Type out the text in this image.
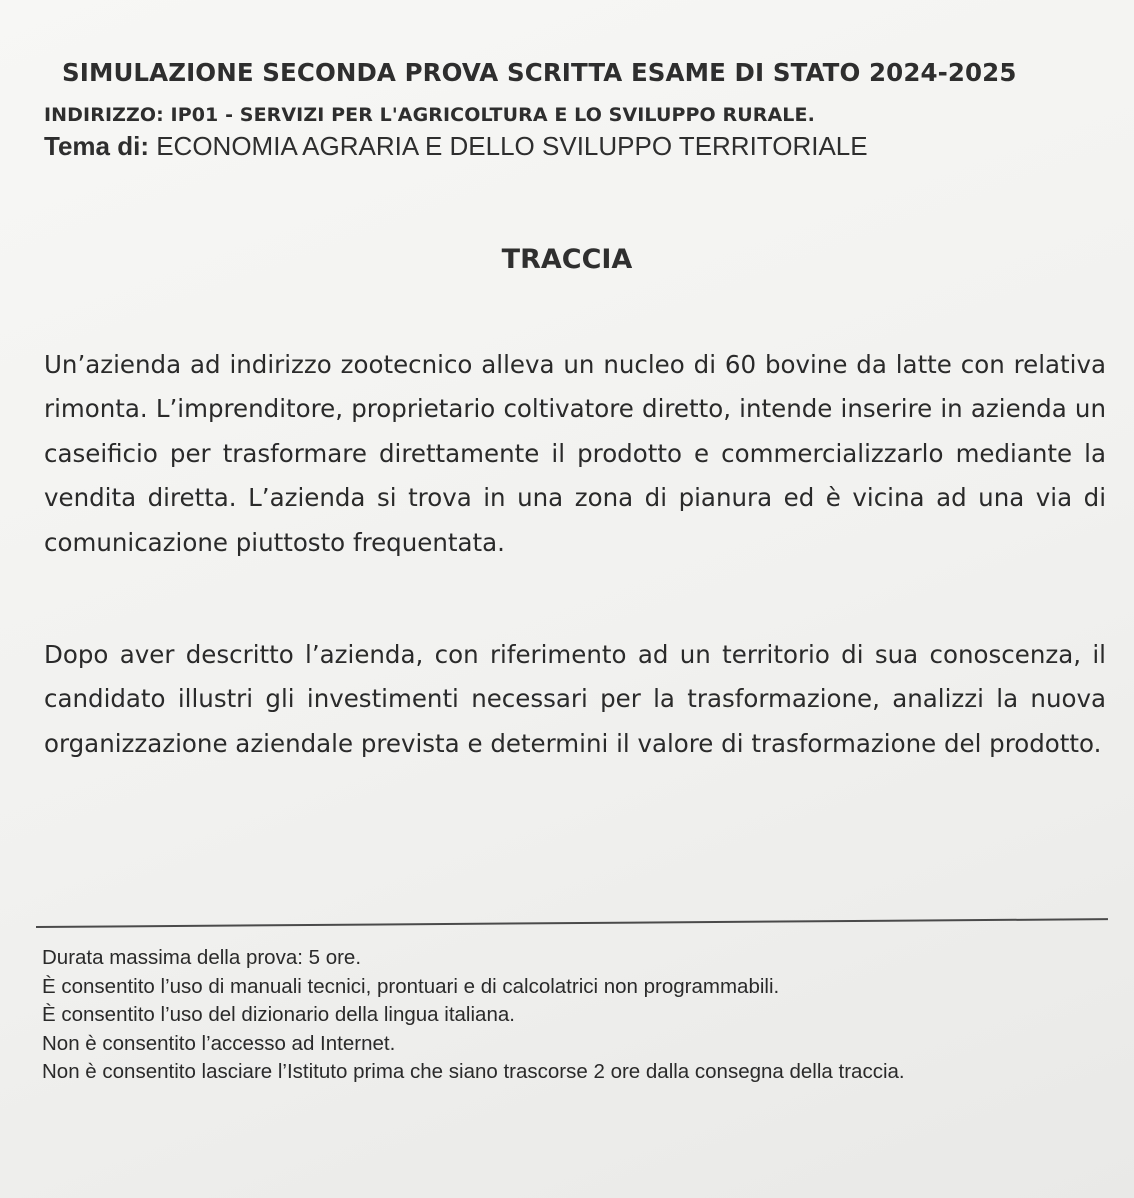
SIMULAZIONE SECONDA PROVA SCRITTA ESAME DI STATO 2024-2025
INDIRIZZO: IP01 - SERVIZI PER L'AGRICOLTURA E LO SVILUPPO RURALE.
Tema di: ECONOMIA AGRARIA E DELLO SVILUPPO TERRITORIALE
TRACCIA

Un’azienda ad indirizzo zootecnico alleva un nucleo di 60 bovine da latte con relativa rimonta. L’imprenditore, proprietario coltivatore diretto, intende inserire in azienda un caseificio per trasformare direttamente il prodotto e commercializzarlo mediante la vendita diretta. L’azienda si trova in una zona di pianura ed è vicina ad una via di comunicazione piuttosto frequentata.

Dopo aver descritto l’azienda, con riferimento ad un territorio di sua conoscenza, il candidato illustri gli investimenti necessari per la trasformazione, analizzi la nuova organizzazione aziendale prevista e determini il valore di trasformazione del prodotto.

Durata massima della prova: 5 ore.
È consentito l’uso di manuali tecnici, prontuari e di calcolatrici non programmabili.
È consentito l’uso del dizionario della lingua italiana.
Non è consentito l’accesso ad Internet.
Non è consentito lasciare l’Istituto prima che siano trascorse 2 ore dalla consegna della traccia.
